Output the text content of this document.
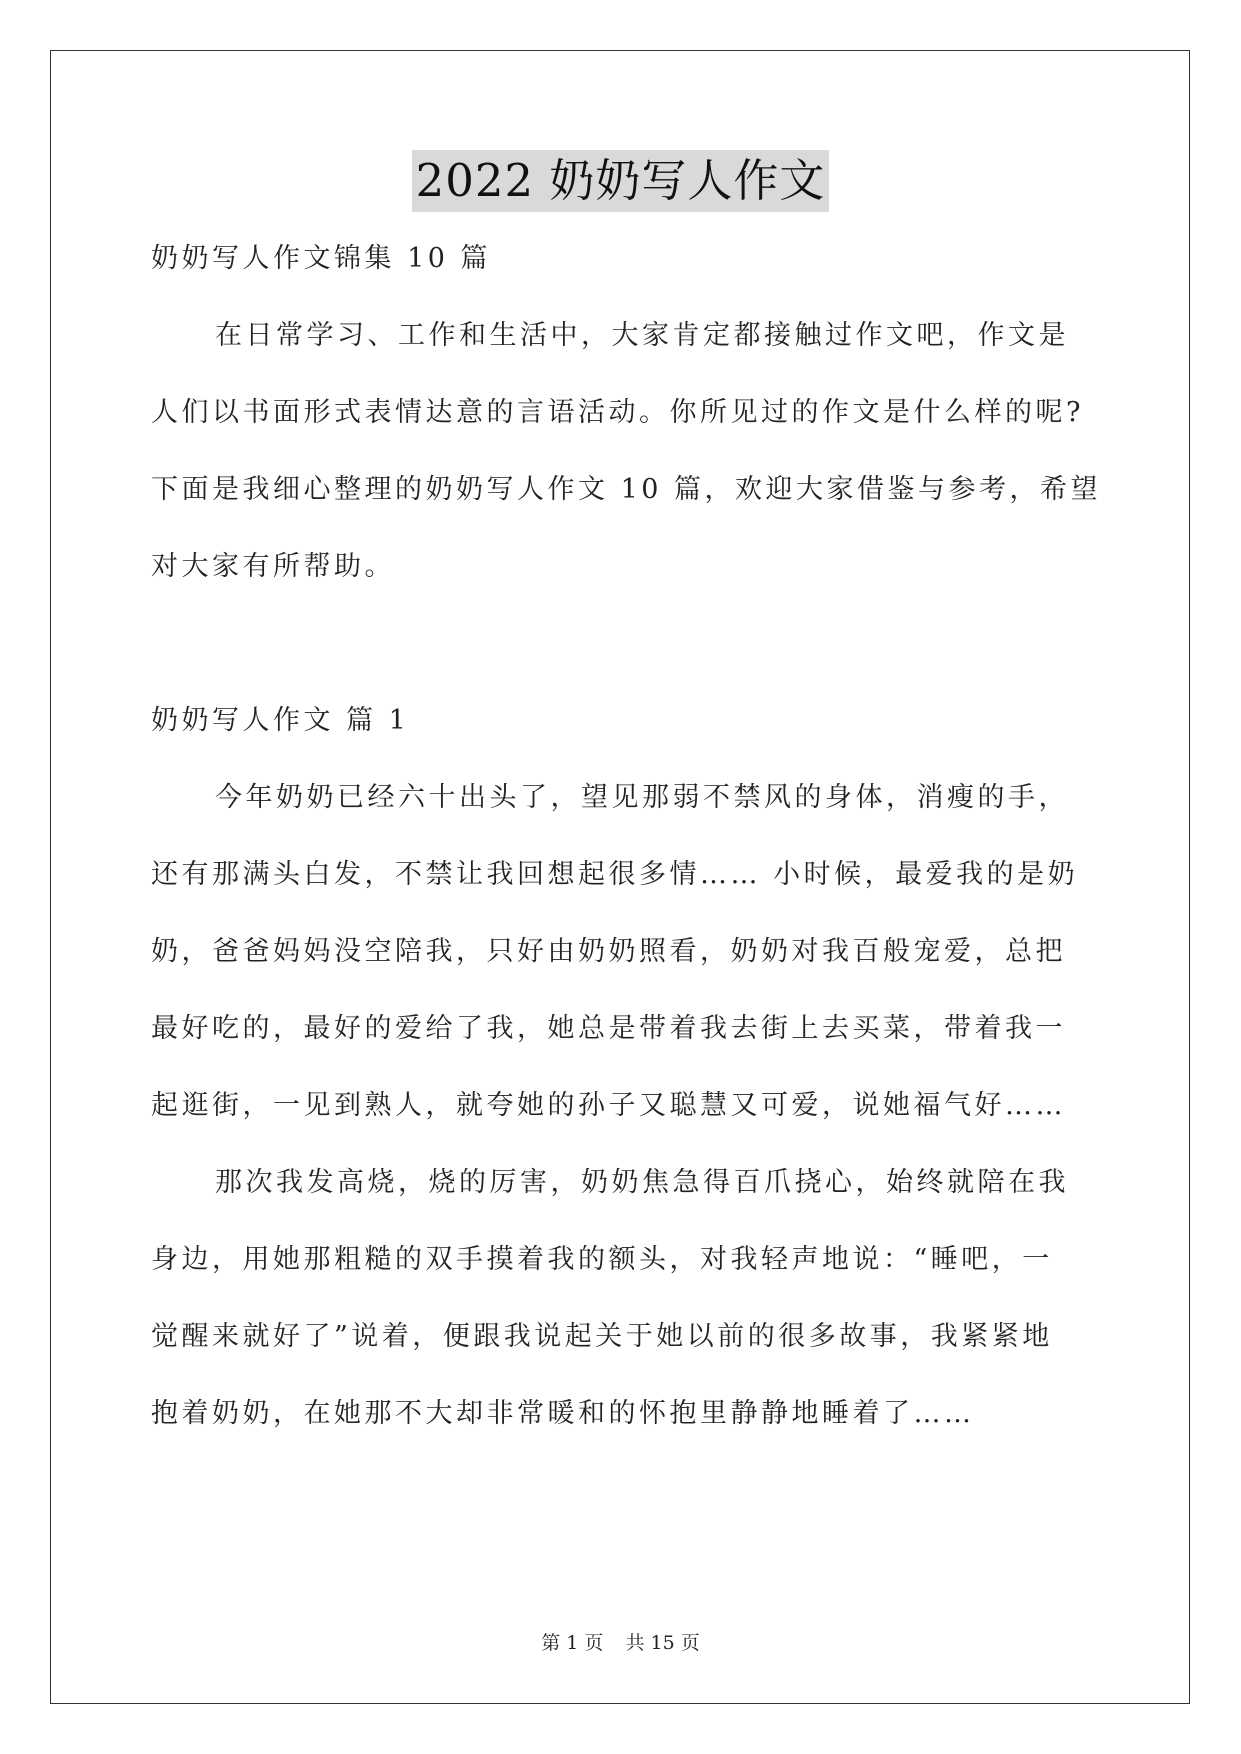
2022 奶奶写人作文
奶奶写人作文锦集 10 篇
在日常学习、工作和生活中，大家肯定都接触过作文吧，作文是
人们以书面形式表情达意的言语活动。你所见过的作文是什么样的呢?
下面是我细心整理的奶奶写人作文 10 篇，欢迎大家借鉴与参考，希望
对大家有所帮助。
奶奶写人作文 篇 1
今年奶奶已经六十出头了，望见那弱不禁风的身体，消瘦的手，
还有那满头白发，不禁让我回想起很多情…… 小时候，最爱我的是奶
奶，爸爸妈妈没空陪我，只好由奶奶照看，奶奶对我百般宠爱，总把
最好吃的，最好的爱给了我，她总是带着我去街上去买菜，带着我一
起逛街，一见到熟人，就夸她的孙子又聪慧又可爱，说她福气好……
那次我发高烧，烧的厉害，奶奶焦急得百爪挠心，始终就陪在我
身边，用她那粗糙的双手摸着我的额头，对我轻声地说：“睡吧，一
觉醒来就好了”说着，便跟我说起关于她以前的很多故事，我紧紧地
抱着奶奶，在她那不大却非常暖和的怀抱里静静地睡着了……
第 1 页 共 15 页
